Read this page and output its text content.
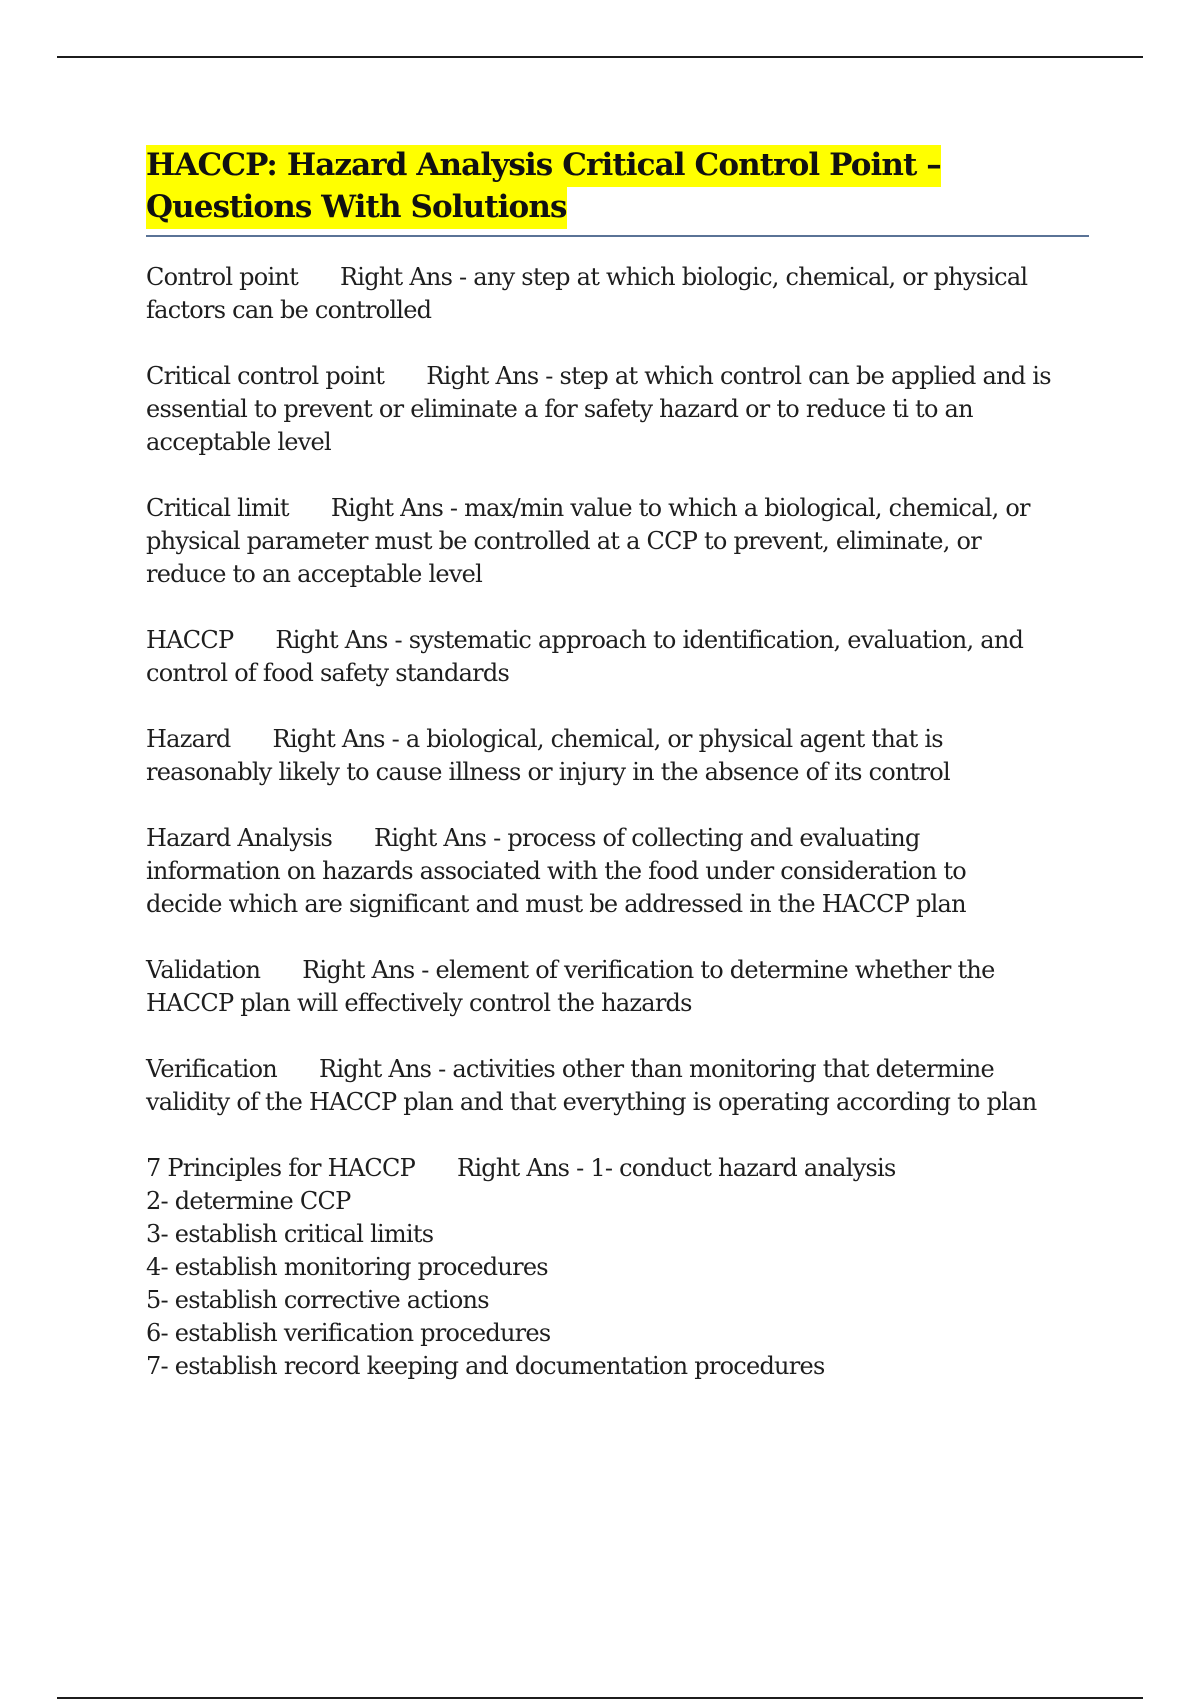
HACCP: Hazard Analysis Critical Control Point –
Questions With Solutions

Control point Right Ans - any step at which biologic, chemical, or physical
factors can be controlled

Critical control point Right Ans - step at which control can be applied and is
essential to prevent or eliminate a for safety hazard or to reduce ti to an
acceptable level

Critical limit Right Ans - max/min value to which a biological, chemical, or
physical parameter must be controlled at a CCP to prevent, eliminate, or
reduce to an acceptable level

HACCP Right Ans - systematic approach to identification, evaluation, and
control of food safety standards

Hazard Right Ans - a biological, chemical, or physical agent that is
reasonably likely to cause illness or injury in the absence of its control

Hazard Analysis Right Ans - process of collecting and evaluating
information on hazards associated with the food under consideration to
decide which are significant and must be addressed in the HACCP plan

Validation Right Ans - element of verification to determine whether the
HACCP plan will effectively control the hazards

Verification Right Ans - activities other than monitoring that determine
validity of the HACCP plan and that everything is operating according to plan

7 Principles for HACCP Right Ans - 1- conduct hazard analysis
2- determine CCP
3- establish critical limits
4- establish monitoring procedures
5- establish corrective actions
6- establish verification procedures
7- establish record keeping and documentation procedures
